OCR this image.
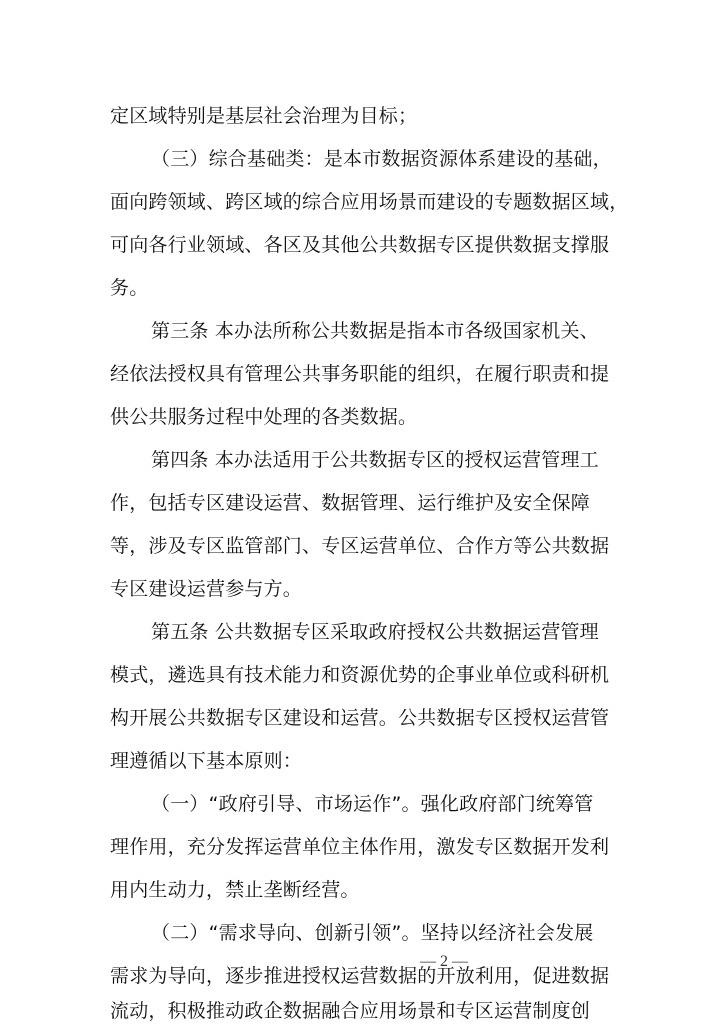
定区域特别是基层社会治理为目标；
（三）综合基础类：是本市数据资源体系建设的基础，
面向跨领域、跨区域的综合应用场景而建设的专题数据区域，
可向各行业领域、各区及其他公共数据专区提供数据支撑服
务。
第三条 本办法所称公共数据是指本市各级国家机关、
经依法授权具有管理公共事务职能的组织，在履行职责和提
供公共服务过程中处理的各类数据。
第四条 本办法适用于公共数据专区的授权运营管理工
作，包括专区建设运营、数据管理、运行维护及安全保障
等，涉及专区监管部门、专区运营单位、合作方等公共数据
专区建设运营参与方。
第五条 公共数据专区采取政府授权公共数据运营管理
模式，遴选具有技术能力和资源优势的企事业单位或科研机
构开展公共数据专区建设和运营。公共数据专区授权运营管
理遵循以下基本原则：
（一）“政府引导、市场运作”。强化政府部门统筹管
理作用，充分发挥运营单位主体作用，激发专区数据开发利
用内生动力，禁止垄断经营。
（二）“需求导向、创新引领”。坚持以经济社会发展
需求为导向，逐步推进授权运营数据的开放利用，促进数据
流动，积极推动政企数据融合应用场景和专区运营制度创
— 2 —
